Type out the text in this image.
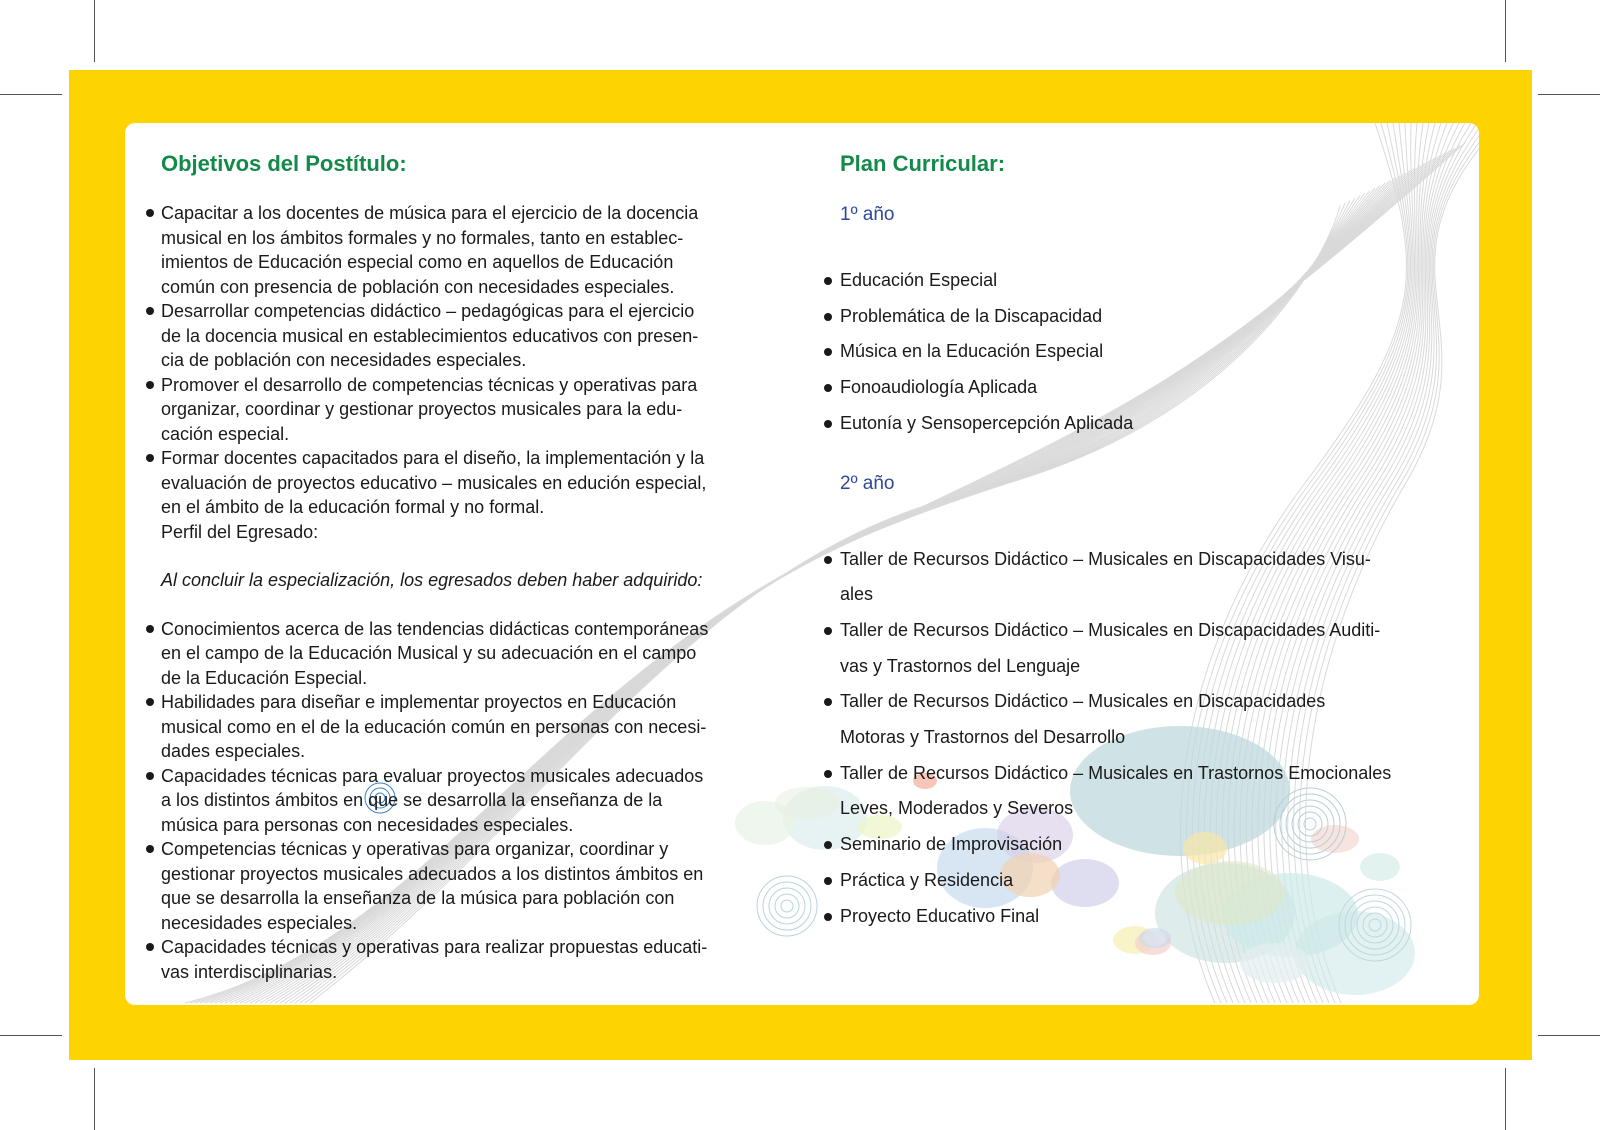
Objetivos del Postítulo:
Capacitar a los docentes de música para el ejercicio de la docencia
musical en los ámbitos formales y no formales, tanto en establec-
imientos de Educación especial como en aquellos de Educación
común con presencia de población con necesidades especiales.
Desarrollar competencias didáctico – pedagógicas para el ejercicio
de la docencia musical en establecimientos educativos con presen-
cia de población con necesidades especiales.
Promover el desarrollo de competencias técnicas y operativas para
organizar, coordinar y gestionar proyectos musicales para la edu-
cación especial.
Formar docentes capacitados para el diseño, la implementación y la
evaluación de proyectos educativo – musicales en edución especial,
en el ámbito de la educación formal y no formal.
Perfil del Egresado:
Al concluir la especialización, los egresados deben haber adquirido:
Conocimientos acerca de las tendencias didácticas contemporáneas
en el campo de la Educación Musical y su adecuación en el campo
de la Educación Especial.
Habilidades para diseñar e implementar proyectos en Educación
musical como en el de la educación común en personas con necesi-
dades especiales.
Capacidades técnicas para evaluar proyectos musicales adecuados
a los distintos ámbitos en que se desarrolla la enseñanza de la
música para personas con necesidades especiales.
Competencias técnicas y operativas para organizar, coordinar y
gestionar proyectos musicales adecuados a los distintos ámbitos en
que se desarrolla la enseñanza de la música para población con
necesidades especiales.
Capacidades técnicas y operativas para realizar propuestas educati-
vas interdisciplinarias.
Plan Curricular:
1º año
Educación Especial
Problemática de la Discapacidad
Música en la Educación Especial
Fonoaudiología Aplicada
Eutonía y Sensopercepción Aplicada
2º año
Taller de Recursos Didáctico – Musicales en Discapacidades Visu-
ales
Taller de Recursos Didáctico – Musicales en Discapacidades Auditi-
vas y Trastornos del Lenguaje
Taller de Recursos Didáctico – Musicales en Discapacidades
Motoras y Trastornos del Desarrollo
Taller de Recursos Didáctico – Musicales en Trastornos Emocionales
Leves, Moderados y Severos
Seminario de Improvisación
Práctica y Residencia
Proyecto Educativo Final
